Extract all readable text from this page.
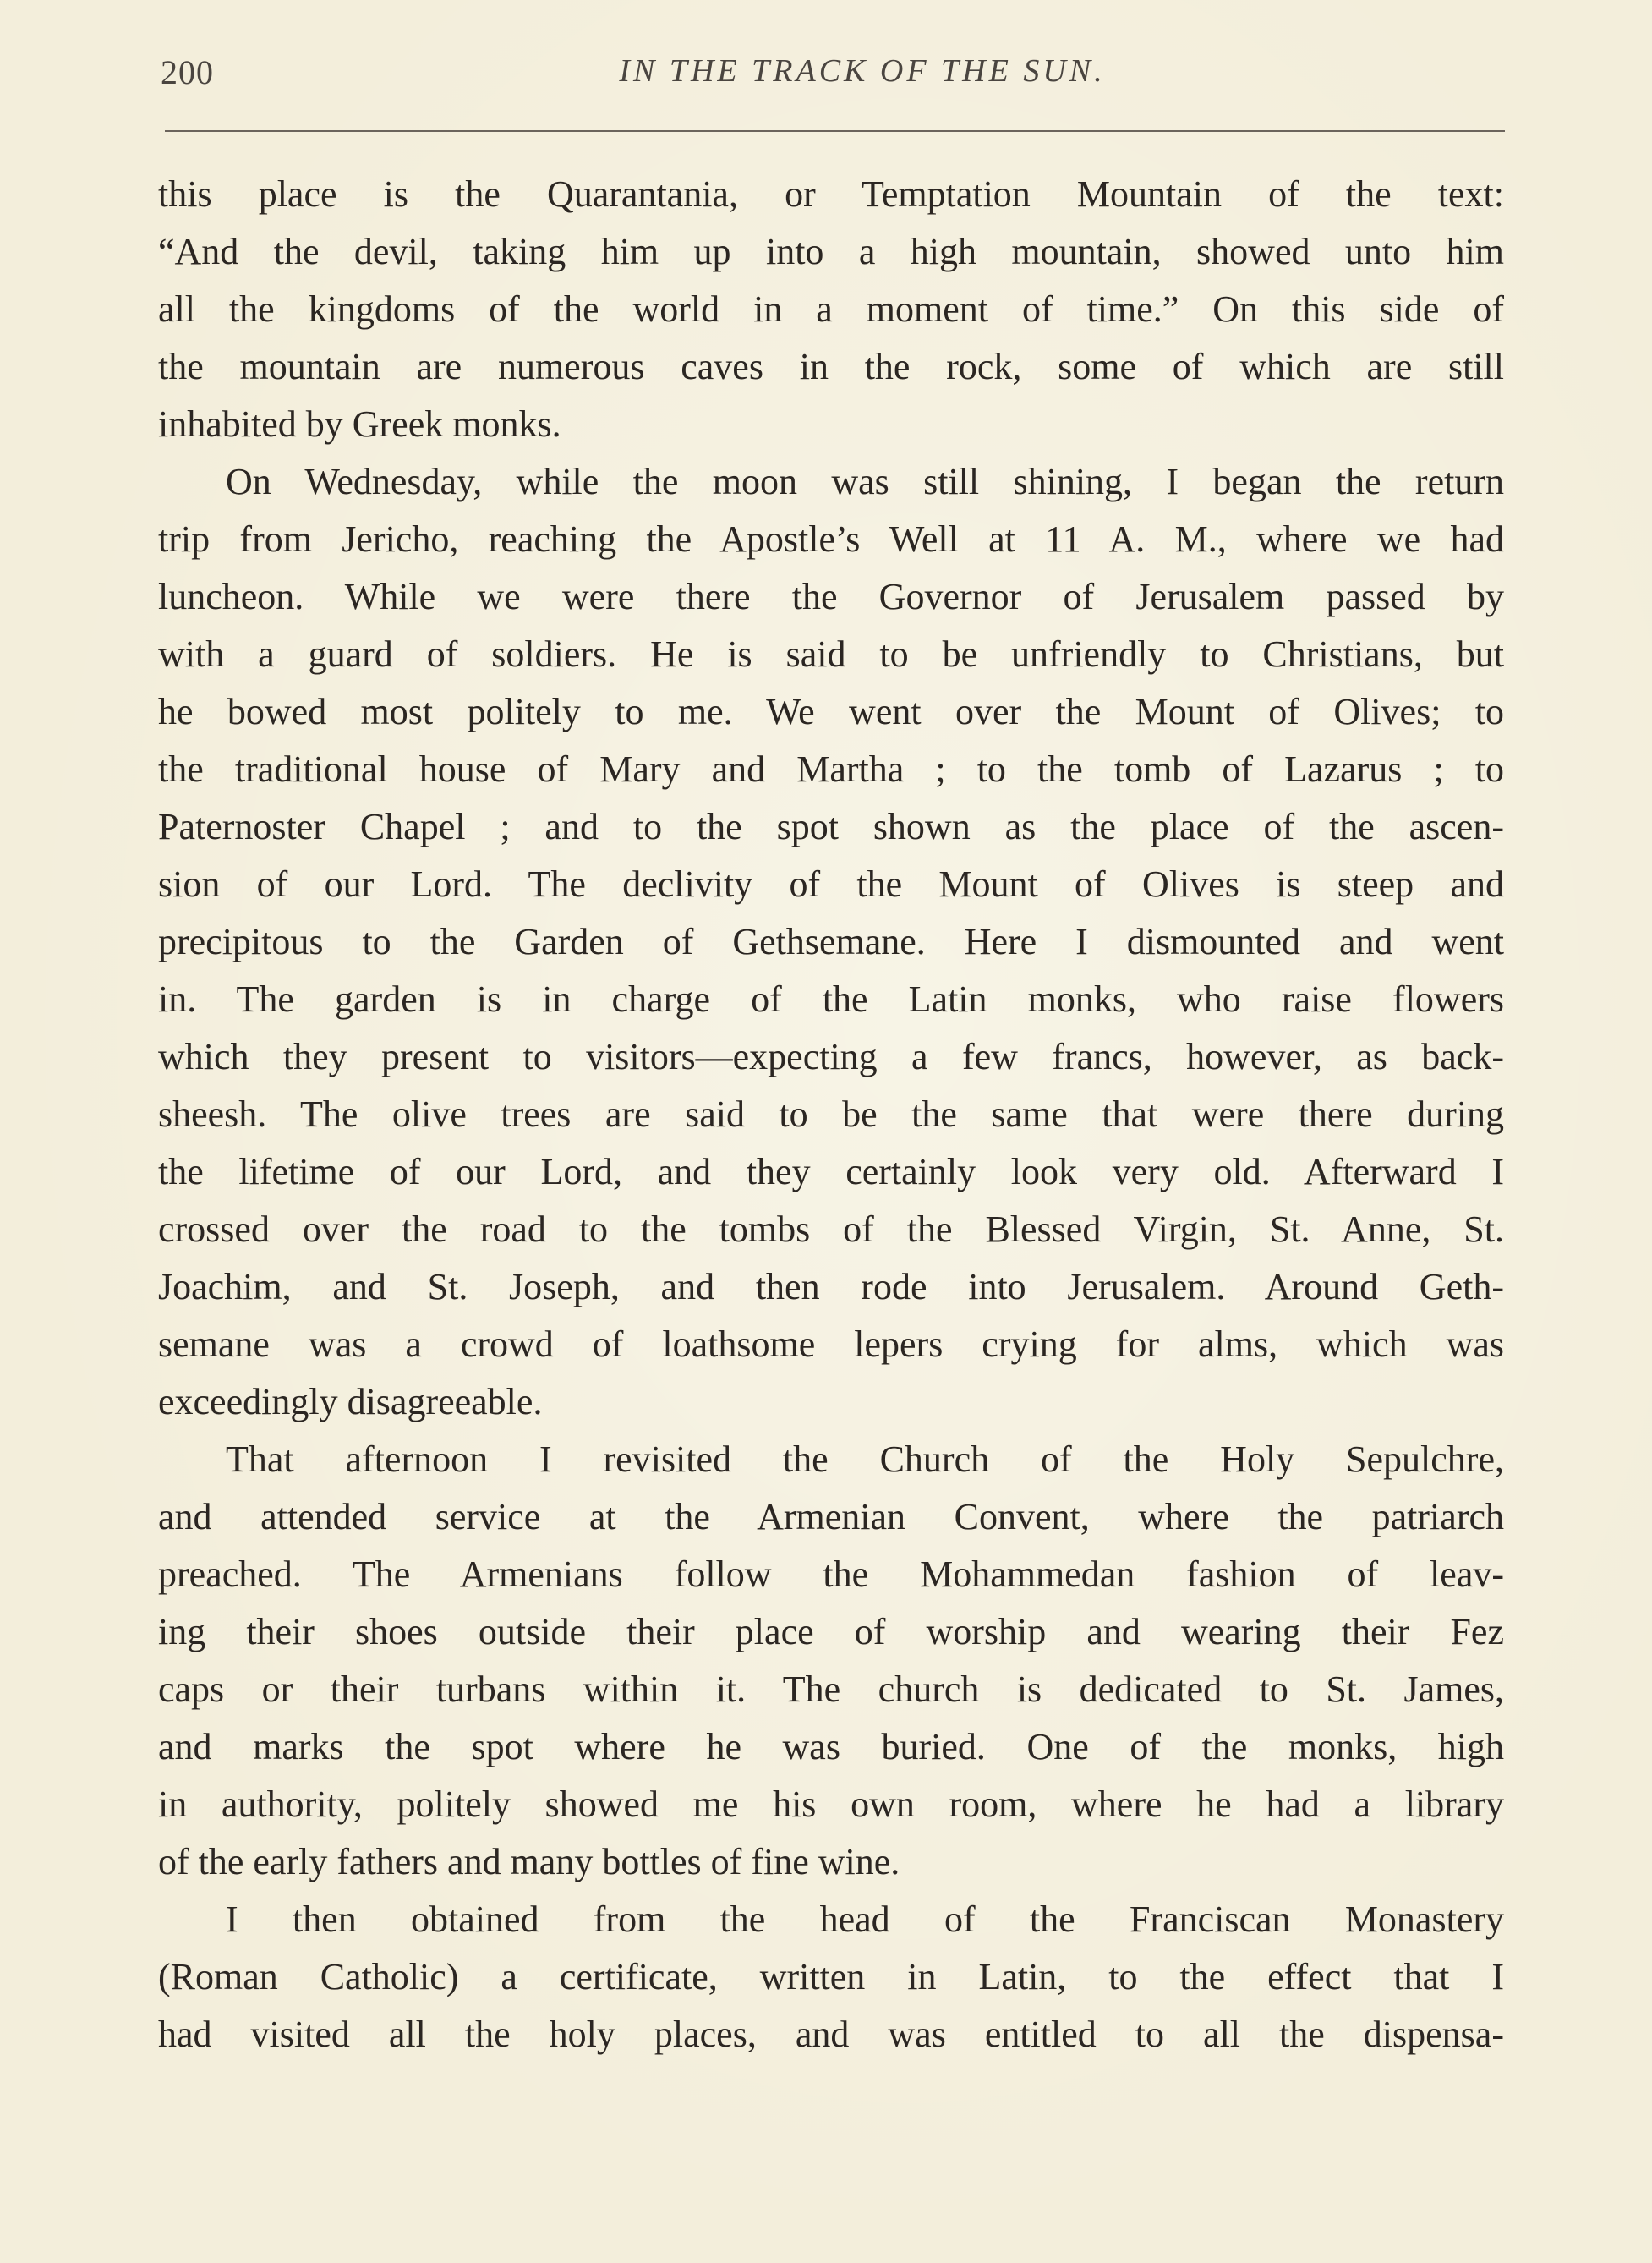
200	IN THE TRACK OF THE SUN.
this place is the Quarantania, or Temptation Mountain of the text:
“And the devil, taking him up into a high mountain, showed unto him
all the kingdoms of the world in a moment of time.” On this side of
the mountain are numerous caves in the rock, some of which are still
inhabited by Greek monks.
On Wednesday, while the moon was still shining, I began the return
trip from Jericho, reaching the Apostle’s Well at 11 A. M., where we had
luncheon. While we were there the Governor of Jerusalem passed by
with a guard of soldiers. He is said to be unfriendly to Christians, but
he bowed most politely to me. We went over the Mount of Olives; to
the traditional house of Mary and Martha ; to the tomb of Lazarus ; to
Paternoster Chapel ; and to the spot shown as the place of the ascen-
sion of our Lord. The declivity of the Mount of Olives is steep and
precipitous to the Garden of Gethsemane. Here I dismounted and went
in. The garden is in charge of the Latin monks, who raise flowers
which they present to visitors—expecting a few francs, however, as back-
sheesh. The olive trees are said to be the same that were there during
the lifetime of our Lord, and they certainly look very old. Afterward I
crossed over the road to the tombs of the Blessed Virgin, St. Anne, St.
Joachim, and St. Joseph, and then rode into Jerusalem. Around Geth-
semane was a crowd of loathsome lepers crying for alms, which was
exceedingly disagreeable.
That afternoon I revisited the Church of the Holy Sepulchre,
and attended service at the Armenian Convent, where the patriarch
preached. The Armenians follow the Mohammedan fashion of leav-
ing their shoes outside their place of worship and wearing their Fez
caps or their turbans within it. The church is dedicated to St. James,
and marks the spot where he was buried. One of the monks, high
in authority, politely showed me his own room, where he had a library
of the early fathers and many bottles of fine wine.
I then obtained from the head of the Franciscan Monastery
(Roman Catholic) a certificate, written in Latin, to the effect that I
had visited all the holy places, and was entitled to all the dispensa-
